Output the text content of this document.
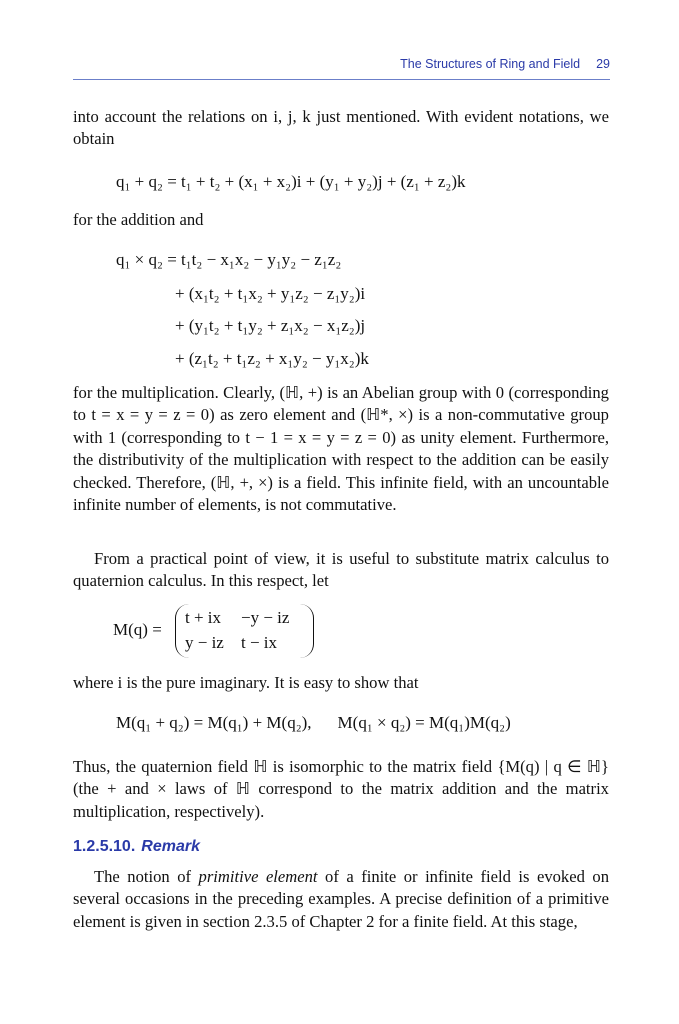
The Structures of Ring and Field 29

into account the relations on i, j, k just mentioned. With evident notations, we obtain

q₁ + q₂ = t₁ + t₂ + (x₁ + x₂)i + (y₁ + y₂)j + (z₁ + z₂)k

for the addition and

q₁ × q₂ = t₁t₂ − x₁x₂ − y₁y₂ − z₁z₂

+ (x₁t₂ + t₁x₂ + y₁z₂ − z₁y₂)i

+ (y₁t₂ + t₁y₂ + z₁x₂ − x₁z₂)j

+ (z₁t₂ + t₁z₂ + x₁y₂ − y₁x₂)k

for the multiplication. Clearly, (ℍ, +) is an Abelian group with 0 (corresponding to t = x = y = z = 0) as zero element and (ℍ*, ×) is a non-commutative group with 1 (corresponding to t − 1 = x = y = z = 0) as unity element. Furthermore, the distributivity of the multiplication with respect to the addition can be easily checked. Therefore, (ℍ, +, ×) is a field. This infinite field, with an uncountable infinite number of elements, is not commutative.

From a practical point of view, it is useful to substitute matrix calculus to quaternion calculus. In this respect, let

M(q) =
t + ix −y − iz
y − iz t − ix

where i is the pure imaginary. It is easy to show that

M(q₁ + q₂) = M(q₁) + M(q₂), M(q₁ × q₂) = M(q₁)M(q₂)

Thus, the quaternion field ℍ is isomorphic to the matrix field {M(q) | q ∈ ℍ} (the + and × laws of ℍ correspond to the matrix addition and the matrix multiplication, respectively).

1.2.5.10. Remark

The notion of primitive element of a finite or infinite field is evoked on several occasions in the preceding examples. A precise definition of a primitive element is given in section 2.3.5 of Chapter 2 for a finite field. At this stage,
